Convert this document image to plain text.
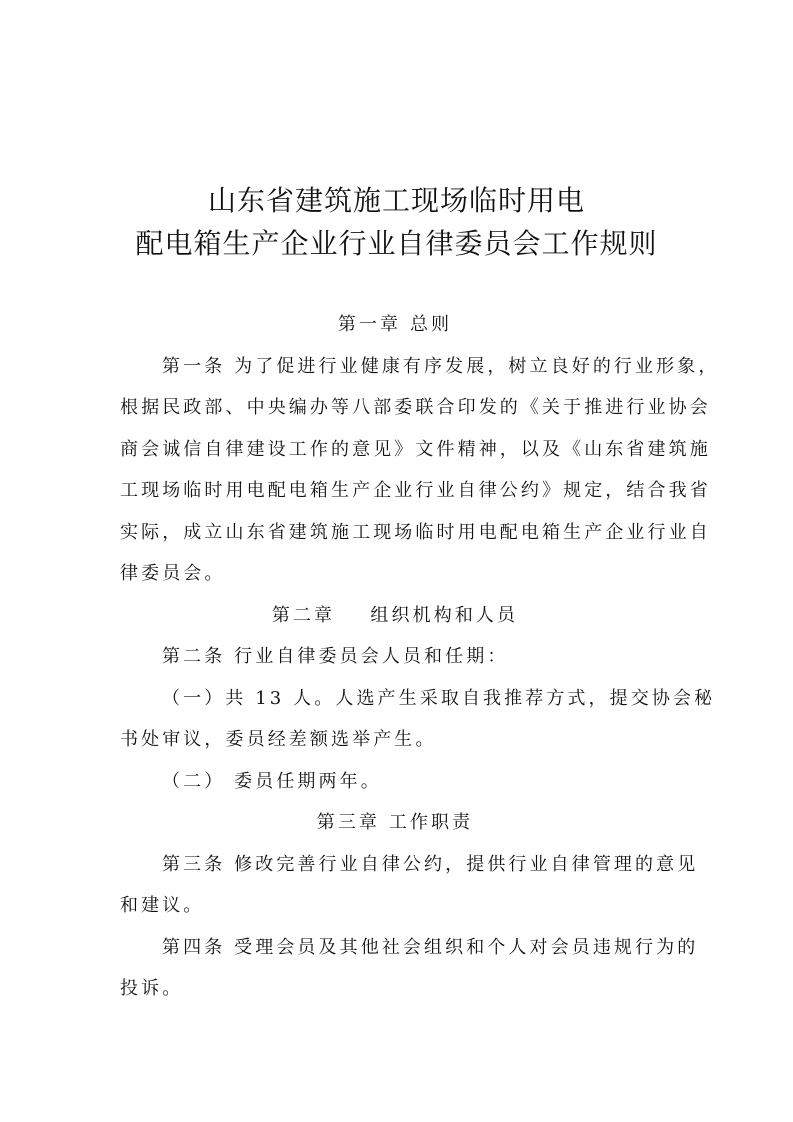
山东省建筑施工现场临时用电
配电箱生产企业行业自律委员会工作规则
第一章 总则
第一条 为了促进行业健康有序发展，树立良好的行业形象，
根据民政部、中央编办等八部委联合印发的《关于推进行业协会
商会诚信自律建设工作的意见》文件精神，以及《山东省建筑施
工现场临时用电配电箱生产企业行业自律公约》规定，结合我省
实际，成立山东省建筑施工现场临时用电配电箱生产企业行业自
律委员会。
第二章    组织机构和人员
第二条 行业自律委员会人员和任期：
（一）共 13 人。人选产生采取自我推荐方式，提交协会秘
书处审议，委员经差额选举产生。
（二） 委员任期两年。
第三章 工作职责
第三条 修改完善行业自律公约，提供行业自律管理的意见
和建议。
第四条 受理会员及其他社会组织和个人对会员违规行为的
投诉。
